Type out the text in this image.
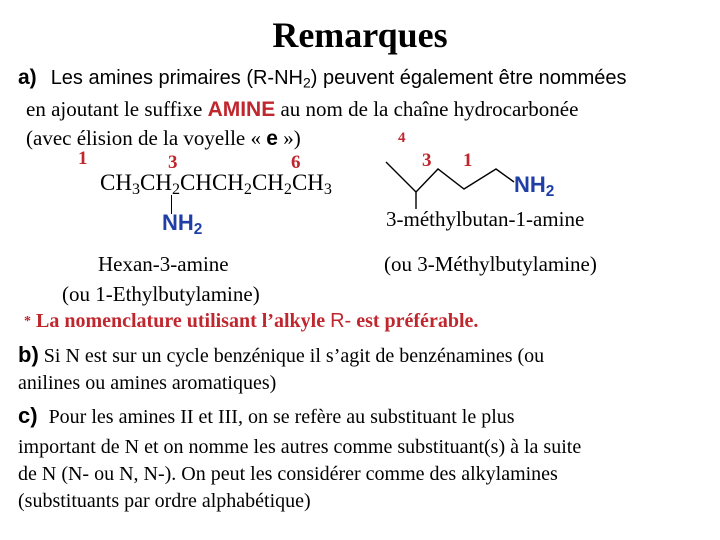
Remarques
a) Les amines primaires $(R-NH_2)$ peuvent également être nommées
en ajoutant le suffixe AMINE au nom de la chaîne hydrocarbonée
(avec élision de la voyelle « e »)
1	3	6
$CH_3CH_2CHCH_2CH_2CH_3$
$NH_2$
Hexan-3-amine
(ou 1-Ethylbutylamine)
4
3 1
$NH_2$
3-méthylbutan-1-amine
(ou 3-Méthylbutylamine)
* La nomenclature utilisant l’alkyle R- est préférable.
b) Si N est sur un cycle benzénique il s’agit de benzénamines (ou
anilines ou amines aromatiques)
c) Pour les amines II et III, on se refère au substituant le plus
important de N et on nomme les autres comme substituant(s) à la suite
de N (N- ou N, N-). On peut les considérer comme des alkylamines
(substituants par ordre alphabétique)
